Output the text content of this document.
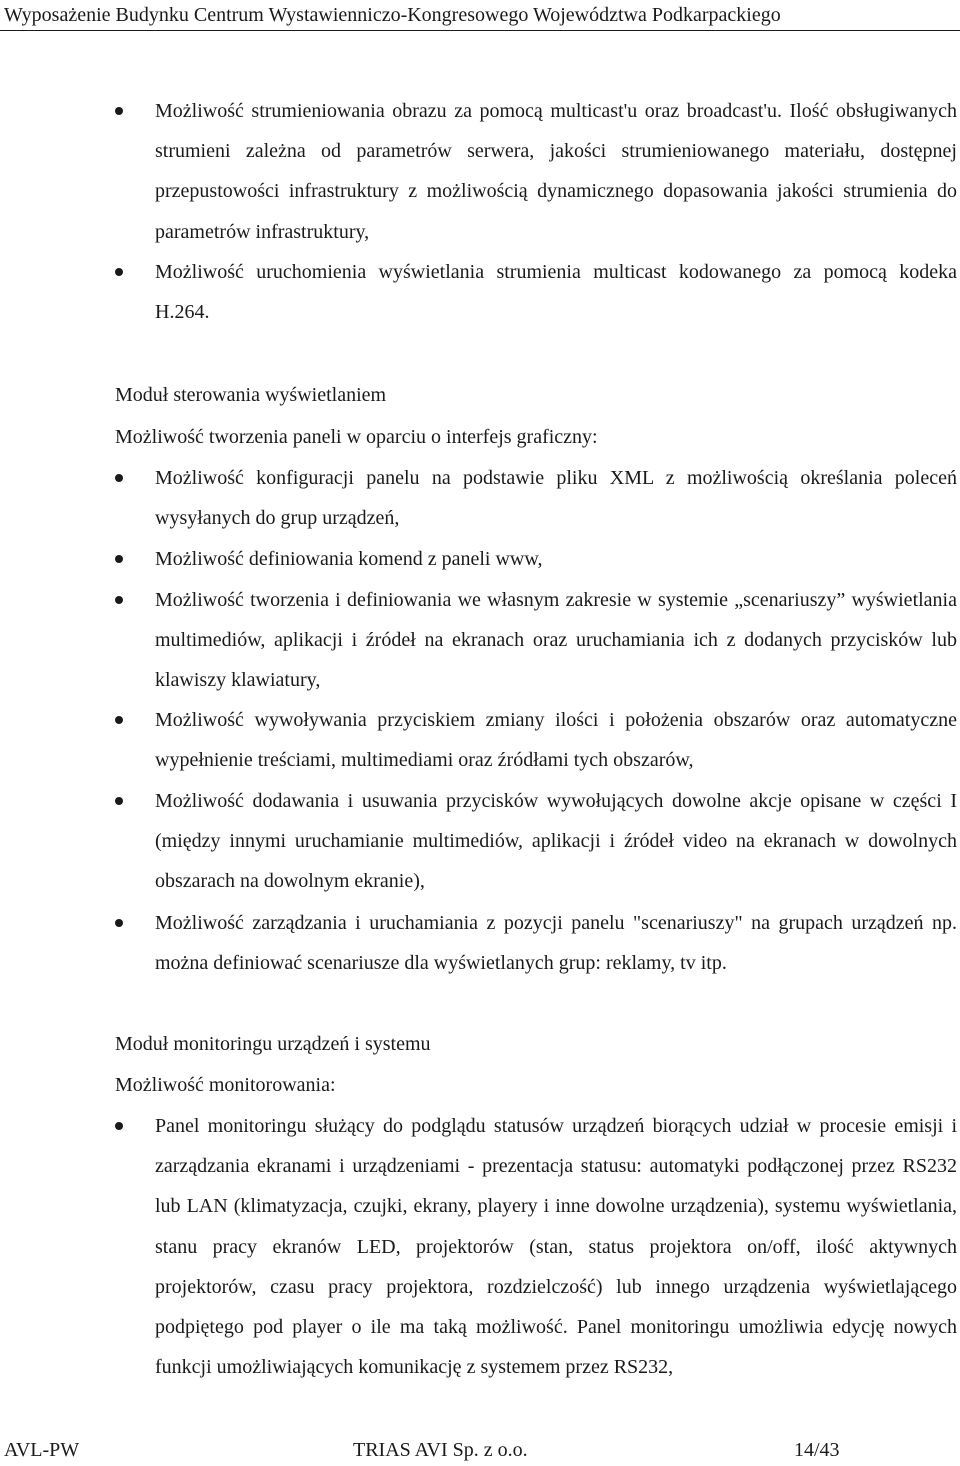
Wyposażenie Budynku Centrum Wystawienniczo-Kongresowego Województwa Podkarpackiego
Możliwość strumieniowania obrazu za pomocą multicast'u oraz broadcast'u. Ilość obsługiwanych strumieni zależna od parametrów serwera, jakości strumieniowanego materiału, dostępnej przepustowości infrastruktury z możliwością dynamicznego dopasowania jakości strumienia do parametrów infrastruktury,
Możliwość uruchomienia wyświetlania strumienia multicast kodowanego za pomocą kodeka H.264.
Moduł sterowania wyświetlaniem
Możliwość tworzenia paneli w oparciu o interfejs graficzny:
Możliwość konfiguracji panelu na podstawie pliku XML z możliwością określania poleceń wysyłanych do grup urządzeń,
Możliwość definiowania komend z paneli www,
Możliwość tworzenia i definiowania we własnym zakresie w systemie „scenariuszy” wyświetlania multimediów, aplikacji i źródeł na ekranach oraz uruchamiania ich z dodanych przycisków lub klawiszy klawiatury,
Możliwość wywoływania przyciskiem zmiany ilości i położenia obszarów oraz automatyczne wypełnienie treściami, multimediami oraz źródłami tych obszarów,
Możliwość dodawania i usuwania przycisków wywołujących dowolne akcje opisane w części I (między innymi uruchamianie multimediów, aplikacji i źródeł video na ekranach w dowolnych obszarach na dowolnym ekranie),
Możliwość zarządzania i uruchamiania z pozycji panelu "scenariuszy" na grupach urządzeń np. można definiować scenariusze dla wyświetlanych grup: reklamy, tv itp.
Moduł monitoringu urządzeń i systemu
Możliwość monitorowania:
Panel monitoringu służący do podglądu statusów urządzeń biorących udział w procesie emisji i zarządzania ekranami i urządzeniami - prezentacja statusu: automatyki podłączonej przez RS232 lub LAN (klimatyzacja, czujki, ekrany, playery i inne dowolne urządzenia), systemu wyświetlania, stanu pracy ekranów LED, projektorów (stan, status projektora on/off, ilość aktywnych projektorów, czasu pracy projektora, rozdzielczość) lub innego urządzenia wyświetlającego podpiętego pod player o ile ma taką możliwość. Panel monitoringu umożliwia edycję nowych funkcji umożliwiających komunikację z systemem przez RS232,
AVL-PW	TRIAS AVI Sp. z o.o.	14/43
